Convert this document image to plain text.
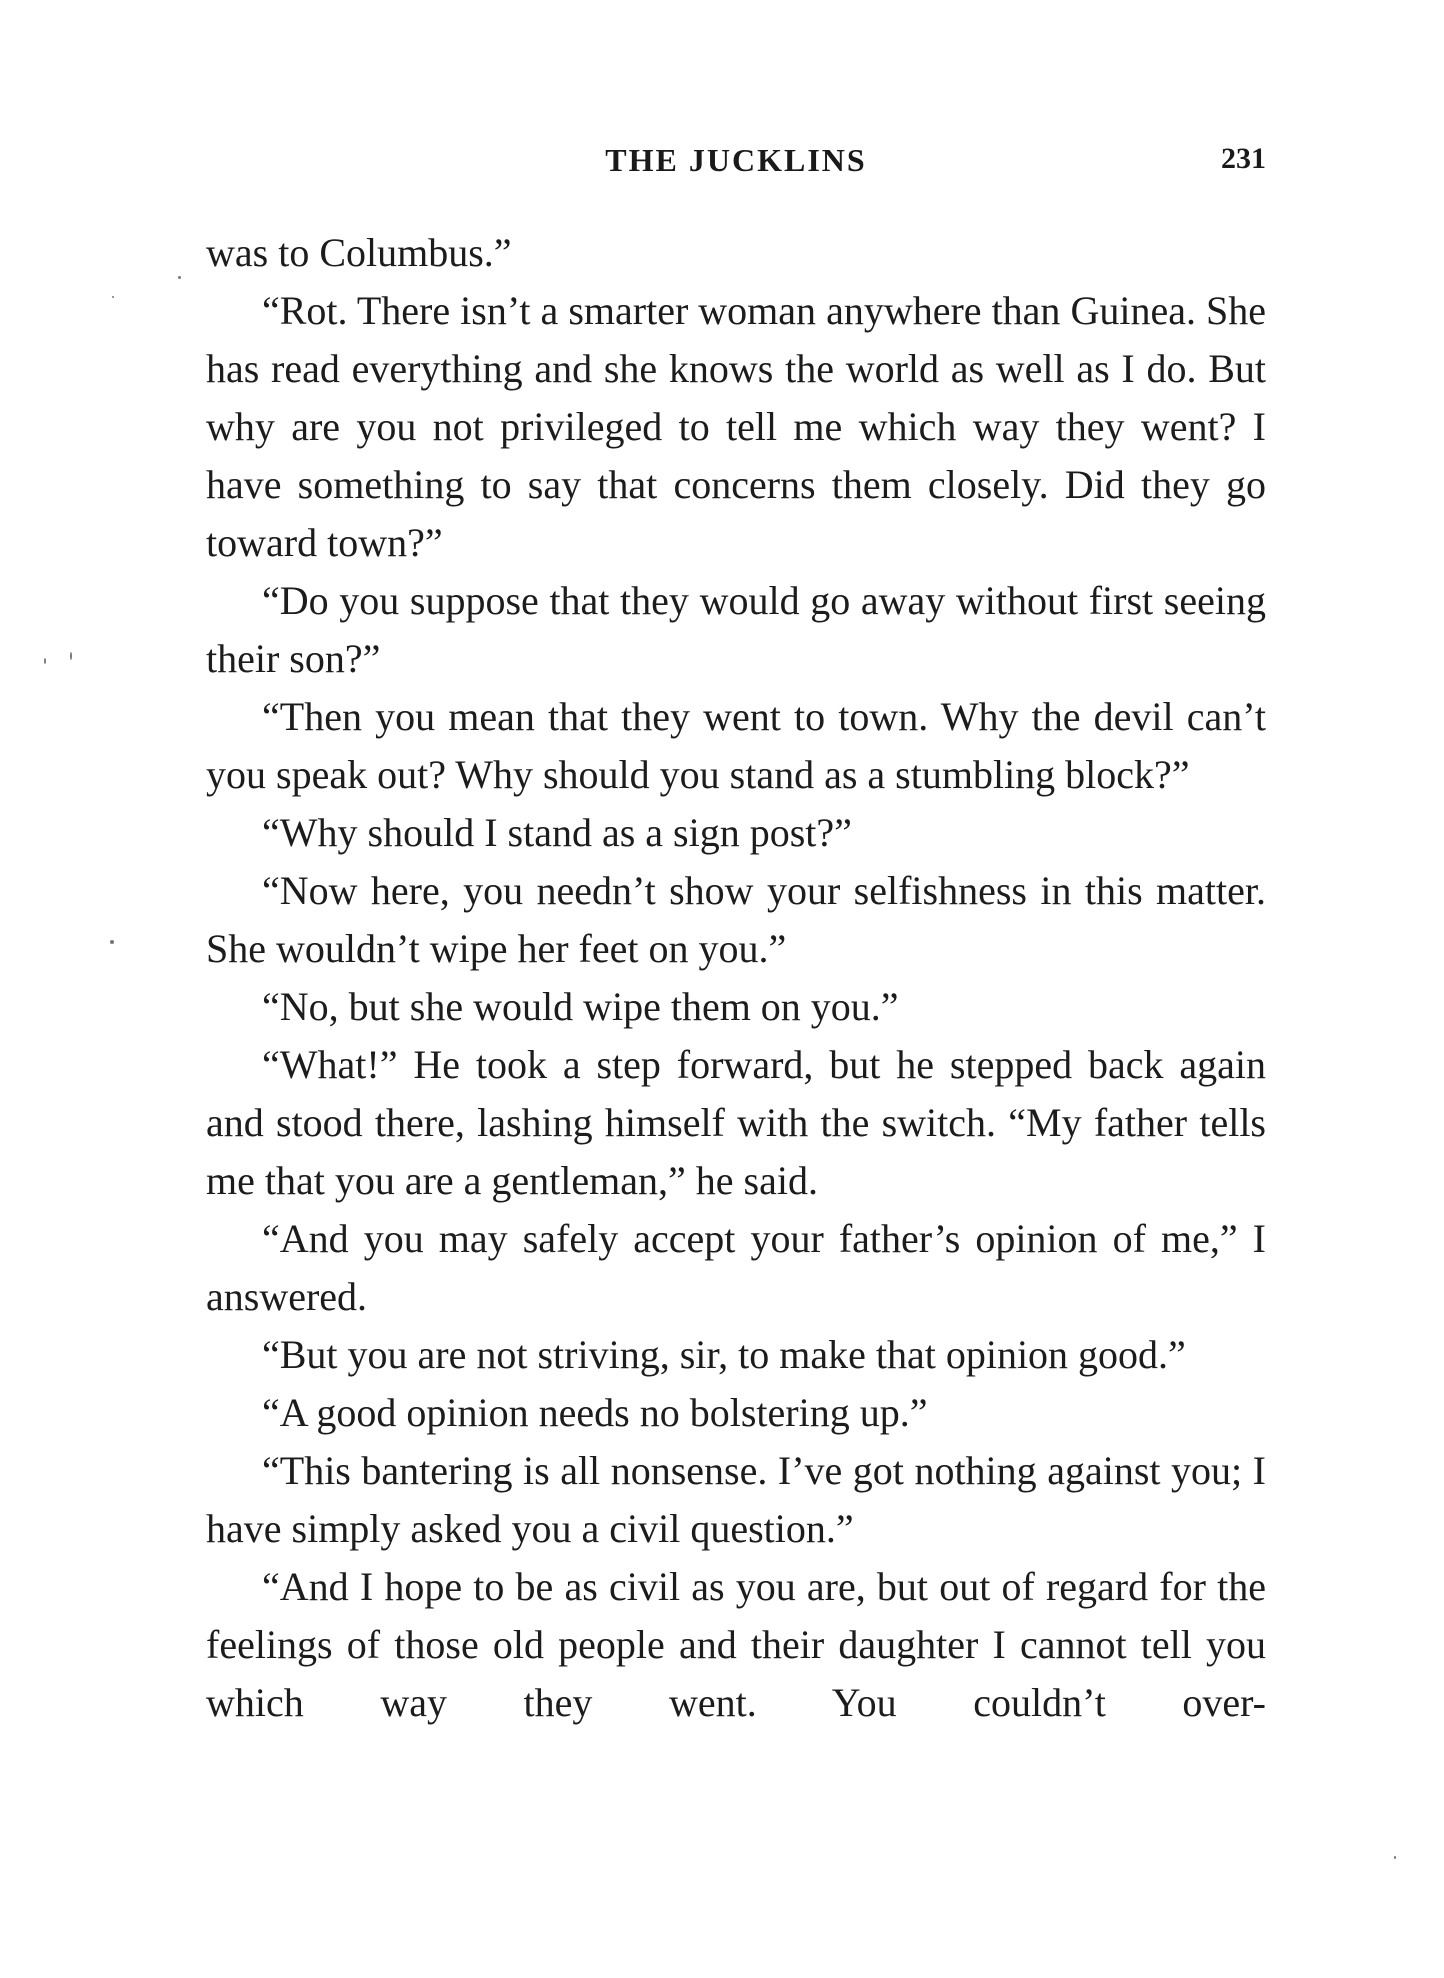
THE JUCKLINS	231

was to Columbus.”

“Rot. There isn’t a smarter woman anywhere than Guinea. She has read everything and she knows the world as well as I do. But why are you not privileged to tell me which way they went? I have something to say that concerns them closely. Did they go toward town?”

“Do you suppose that they would go away without first seeing their son?”

“Then you mean that they went to town. Why the devil can’t you speak out? Why should you stand as a stumbling block?”

“Why should I stand as a sign post?”

“Now here, you needn’t show your selfishness in this matter. She wouldn’t wipe her feet on you.”

“No, but she would wipe them on you.”

“What!” He took a step forward, but he stepped back again and stood there, lashing himself with the switch. “My father tells me that you are a gentleman,” he said.

“And you may safely accept your father’s opinion of me,” I answered.

“But you are not striving, sir, to make that opinion good.”

“A good opinion needs no bolstering up.”

“This bantering is all nonsense. I’ve got nothing against you; I have simply asked you a civil question.”

“And I hope to be as civil as you are, but out of regard for the feelings of those old people and their daughter I cannot tell you which way they went. You couldn’t over-
